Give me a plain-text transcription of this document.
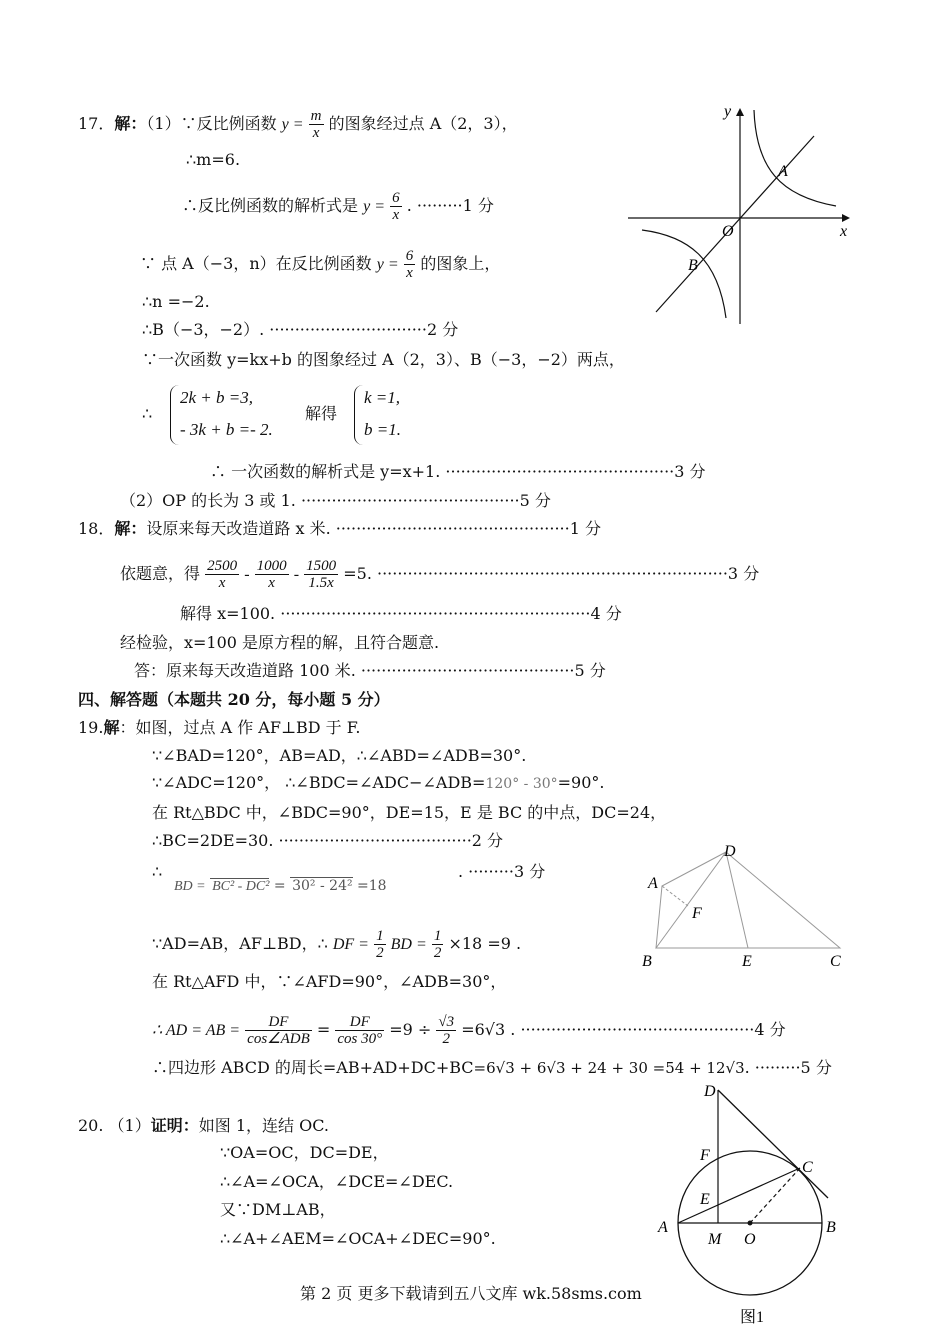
17．解：（1）∵反比例函数 $y = \frac{m}{x}$ 的图象经过点 A（2，3），
∴m=6.
∴反比例函数的解析式是 $y = \frac{6}{x}$ . ·········1 分
∵ 点 A（−3，n）在反比例函数 $y = \frac{6}{x}$ 的图象上，
∴n =−2.
∴B（−3，−2）. ·······························2 分
∵一次函数 y=kx+b 的图象经过 A（2，3）、B（−3，−2）两点，
∴
2k + b =3,
- 3k + b =- 2.
解得
k =1,
b =1.
∴ 一次函数的解析式是 y=x+1. ·············································3 分
（2）OP 的长为 3 或 1. ···········································5 分
y
x
O
A
B
18．解：设原来每天改造道路 x 米. ··············································1 分
依题意，得 $\frac{2500}{x} - \frac{1000}{x} - \frac{1500}{1.5x} =5$. ·····································································3 分
解得 x=100. ·····························································4 分
经检验，x=100 是原方程的解，且符合题意.
答：原来每天改造道路 100 米. ··········································5 分
四、解答题（本题共 20 分，每小题 5 分）
19.解：如图，过点 A 作 AF⊥BD 于 F.
∵∠BAD=120°，AB=AD，∴∠ABD=∠ADB=30°.
∵∠ADC=120°， ∴∠BDC=∠ADC−∠ADB=120° - 30°=90°.
在 Rt△BDC 中，∠BDC=90°，DE=15，E 是 BC 的中点，DC=24，
∴BC=2DE=30. ······································2 分
∴
BD = BC² - DC² = 30² - 24² =18
. ·········3 分
∵AD=AB，AF⊥BD，∴ DF = $\frac{1}{2}$ BD = $\frac{1}{2} \times 18 =9$ .
在 Rt△AFD 中，∵∠AFD=90°，∠ADB=30°，
∴ AD = AB = $\frac{DF}{\text{cos∠ADB}} = \frac{DF}{\cos 30^\circ} =9 \div \frac{√3}{2} =6√3$ . ··············································4 分
∴四边形 ABCD 的周长=AB+AD+DC+BC=6√3 + 6√3 + 24 + 30 =54 + 12√3. ·········5 分
D
A
F
B	E	C
20. （1）证明：如图 1，连结 OC.
∵OA=OC，DC=DE，
∴∠A=∠OCA，∠DCE=∠DEC.
又∵DM⊥AB，
∴∠A+∠AEM=∠OCA+∠DEC=90°.
D
F
C
E
A
M O
B
图1
第 2 页 更多下载请到五八文库 wk.58sms.com
